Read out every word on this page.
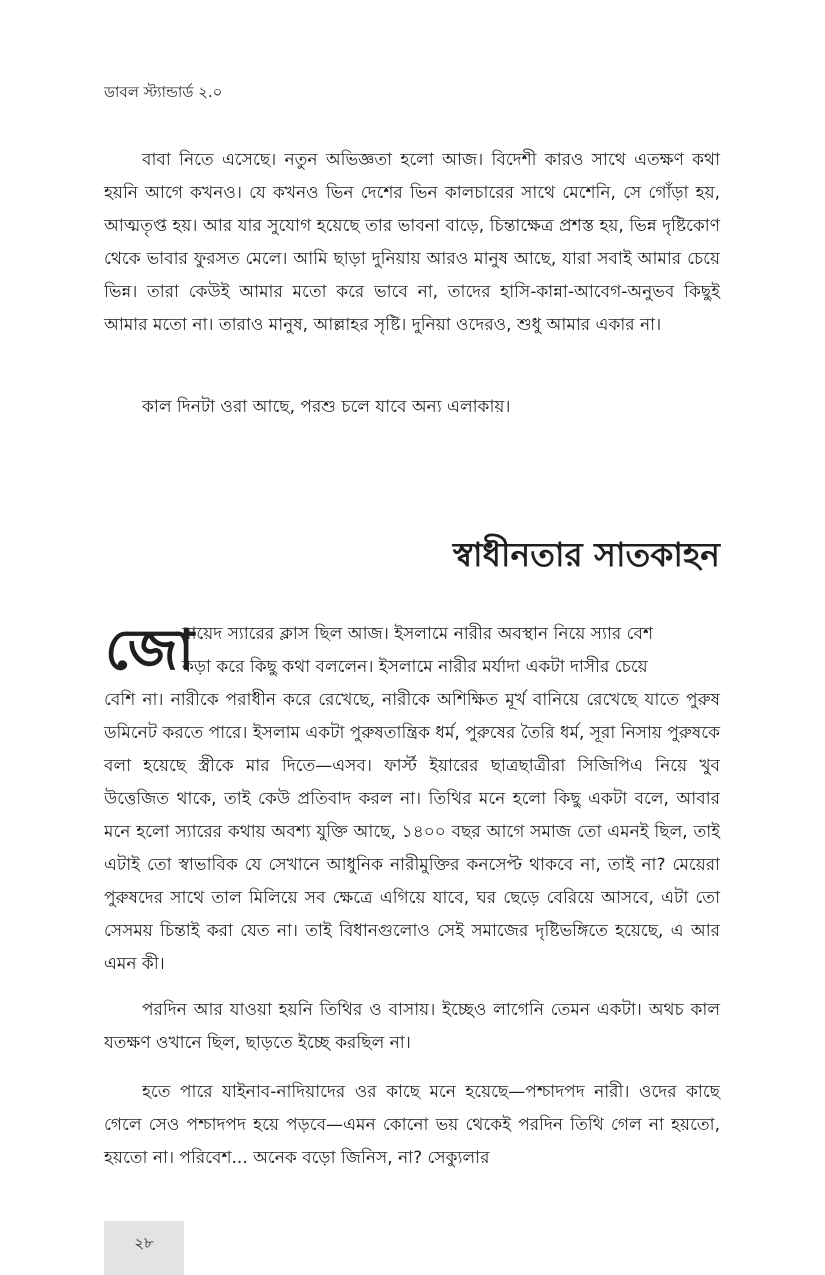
ডাবল স্ট্যান্ডার্ড ২.০

বাবা নিতে এসেছে। নতুন অভিজ্ঞতা হলো আজ। বিদেশী কারও সাথে এতক্ষণ কথা হয়নি আগে কখনও। যে কখনও ভিন দেশের ভিন কালচারের সাথে মেশেনি, সে গোঁড়া হয়, আত্মতৃপ্ত হয়। আর যার সুযোগ হয়েছে তার ভাবনা বাড়ে, চিন্তাক্ষেত্র প্রশস্ত হয়, ভিন্ন দৃষ্টিকোণ থেকে ভাবার ফুরসত মেলে। আমি ছাড়া দুনিয়ায় আরও মানুষ আছে, যারা সবাই আমার চেয়ে ভিন্ন। তারা কেউই আমার মতো করে ভাবে না, তাদের হাসি-কান্না-আবেগ-অনুভব কিছুই আমার মতো না। তারাও মানুষ, আল্লাহর সৃষ্টি। দুনিয়া ওদেরও, শুধু আমার একার না।

কাল দিনটা ওরা আছে, পরশু চলে যাবে অন্য এলাকায়।

স্বাধীনতার সাতকাহন
জো
বায়েদ স্যারের ক্লাস ছিল আজ। ইসলামে নারীর অবস্থান নিয়ে স্যার বেশ
কড়া করে কিছু কথা বললেন। ইসলামে নারীর মর্যাদা একটা দাসীর চেয়ে

বেশি না। নারীকে পরাধীন করে রেখেছে, নারীকে অশিক্ষিত মূর্খ বানিয়ে রেখেছে যাতে পুরুষ ডমিনেট করতে পারে। ইসলাম একটা পুরুষতান্ত্রিক ধর্ম, পুরুষের তৈরি ধর্ম, সূরা নিসায় পুরুষকে বলা হয়েছে স্ত্রীকে মার দিতে—এসব। ফার্স্ট ইয়ারের ছাত্রছাত্রীরা সিজিপিএ নিয়ে খুব উত্তেজিত থাকে, তাই কেউ প্রতিবাদ করল না। তিথির মনে হলো কিছু একটা বলে, আবার মনে হলো স্যারের কথায় অবশ্য যুক্তি আছে, ১৪০০ বছর আগে সমাজ তো এমনই ছিল, তাই এটাই তো স্বাভাবিক যে সেখানে আধুনিক নারীমুক্তির কনসেপ্ট থাকবে না, তাই না? মেয়েরা পুরুষদের সাথে তাল মিলিয়ে সব ক্ষেত্রে এগিয়ে যাবে, ঘর ছেড়ে বেরিয়ে আসবে, এটা তো সেসময় চিন্তাই করা যেত না। তাই বিধানগুলোও সেই সমাজের দৃষ্টিভঙ্গিতে হয়েছে, এ আর এমন কী।

পরদিন আর যাওয়া হয়নি তিথির ও বাসায়। ইচ্ছেও লাগেনি তেমন একটা। অথচ কাল যতক্ষণ ওখানে ছিল, ছাড়তে ইচ্ছে করছিল না।

হতে পারে যাইনাব-নাদিয়াদের ওর কাছে মনে হয়েছে—পশ্চাদপদ নারী। ওদের কাছে গেলে সেও পশ্চাদপদ হয়ে পড়বে—এমন কোনো ভয় থেকেই পরদিন তিথি গেল না হয়তো, হয়তো না। পরিবেশ... অনেক বড়ো জিনিস, না? সেক্যুলার

২৮
